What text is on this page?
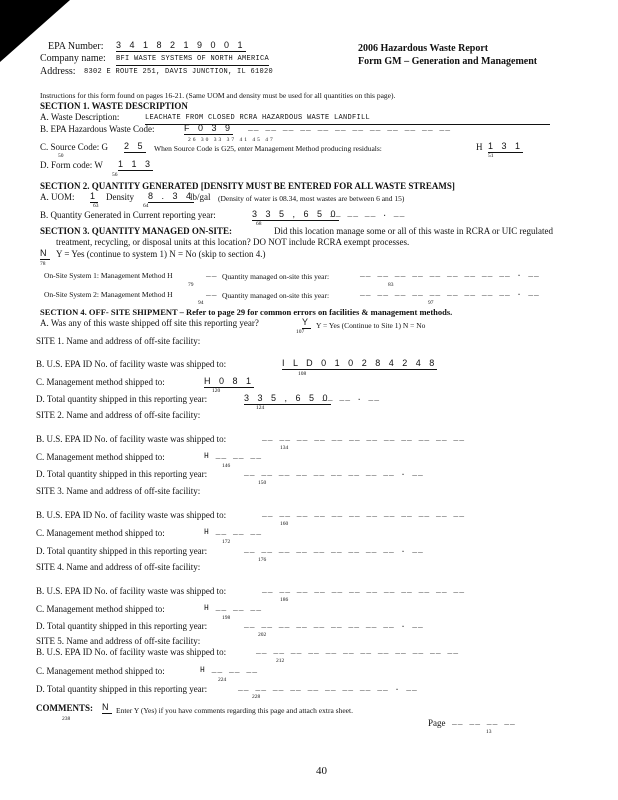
EPA Number: 3 4 1 8 2 1 9 0 0 1
Company name: BFI WASTE SYSTEMS OF NORTH AMERICA
Address: 8302 E ROUTE 251, DAVIS JUNCTION, IL 61020
2006 Hazardous Waste Report
Form GM – Generation and Management
Instructions for this form found on pages 16-21. (Same UOM and density must be used for all quantities on this page).
SECTION 1. WASTE DESCRIPTION
A. Waste Description:	LEACHATE FROM CLOSED RCRA HAZARDOUS WASTE LANDFILL
B. EPA Hazardous Waste Code:	F 0 3 9 __ __ __ __ __ __ __ __ __ __ __ __
26 30 33 37 41 45 47
C. Source Code: G 2 5 When Source Code is G25, enter Management Method producing residuals:	H 1 3 1
50	51
D. Form code: W 1 1 3
56
SECTION 2. QUANTITY GENERATED [DENSITY MUST BE ENTERED FOR ALL WASTE STREAMS]
A. UOM: 1 Density 8 . 3 4
lb/gal (Density of water is 08.34, most wastes are between 6 and 15)
63	64
B. Quantity Generated in Current reporting year:	3 3 5 , 6 5 0
__ __ __ . __
68
SECTION 3. QUANTITY MANAGED ON-SITE:	Did this location manage some or all of this waste in RCRA or UIC regulated
treatment, recycling, or disposal units at this location? DO NOT include RCRA exempt processes.
N Y = Yes (continue to system 1) N = No (skip to section 4.)
78
On-Site System 1: Management Method H	__ Quantity managed on-site this year:	__ __ __ __ __ __ __ __ __ . __
79	83
On-Site System 2: Management Method H	__ Quantity managed on-site this year:	__ __ __ __ __ __ __ __ __ . __
94	97
SECTION 4. OFF- SITE SHIPMENT – Refer to page 29 for common errors on facilities & management methods.
A. Was any of this waste shipped off site this reporting year?	Y Y = Yes (Continue to Site 1) N = No
107
SITE 1. Name and address of off-site facility:
B. U.S. EPA ID No. of facility waste was shipped to:	I L D 0 1 0 2 8 4 2 4 8
108
C. Management method shipped to:	H 0 8 1
120
D. Total quantity shipped in this reporting year:	3 3 5 , 6 5 0
__ __ . __
124
SITE 2. Name and address of off-site facility:
B. U.S. EPA ID No. of facility waste was shipped to:	__ __ __ __ __ __ __ __ __ __ __ __
134
C. Management method shipped to:	H __ __ __
146
D. Total quantity shipped in this reporting year:	__ __ __ __ __ __ __ __ __ . __
150
SITE 3. Name and address of off-site facility:
B. U.S. EPA ID No. of facility waste was shipped to:	__ __ __ __ __ __ __ __ __ __ __ __
160
C. Management method shipped to:	H __ __ __
172
D. Total quantity shipped in this reporting year:	__ __ __ __ __ __ __ __ __ . __
176
SITE 4. Name and address of off-site facility:
B. U.S. EPA ID No. of facility waste was shipped to:	__ __ __ __ __ __ __ __ __ __ __ __
186
C. Management method shipped to:	H __ __ __
198
D. Total quantity shipped in this reporting year:	__ __ __ __ __ __ __ __ __ . __
202
SITE 5. Name and address of off-site facility:
B. U.S. EPA ID No. of facility waste was shipped to:	__ __ __ __ __ __ __ __ __ __ __ __
212
C. Management method shipped to:	H __ __ __
224
D. Total quantity shipped in this reporting year:	__ __ __ __ __ __ __ __ __ . __
228
COMMENTS: N Enter Y (Yes) if you have comments regarding this page and attach extra sheet.
238	Page __ __ __ __
13
40
